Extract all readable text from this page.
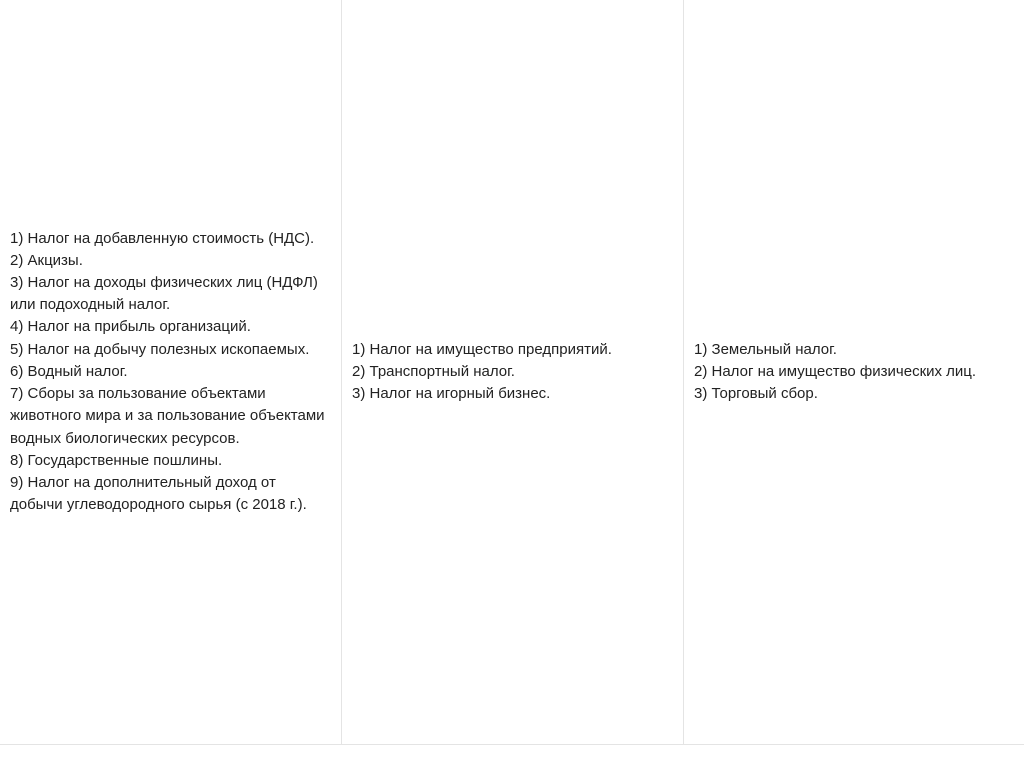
1) Налог на добавленную стоимость (НДС).
2) Акцизы.
3) Налог на доходы физических лиц (НДФЛ) или подоходный налог.
4) Налог на прибыль организаций.
5) Налог на добычу полезных ископаемых.
6) Водный налог.
7) Сборы за пользование объектами животного мира и за пользование объектами водных биологических ресурсов.
8) Государственные пошлины.
9) Налог на дополнительный доход от добычи углеводородного сырья (с 2018 г.).
1) Налог на имущество предприятий.
2) Транспортный налог.
3) Налог на игорный бизнес.
1) Земельный налог.
2) Налог на имущество физических лиц.
3) Торговый сбор.
